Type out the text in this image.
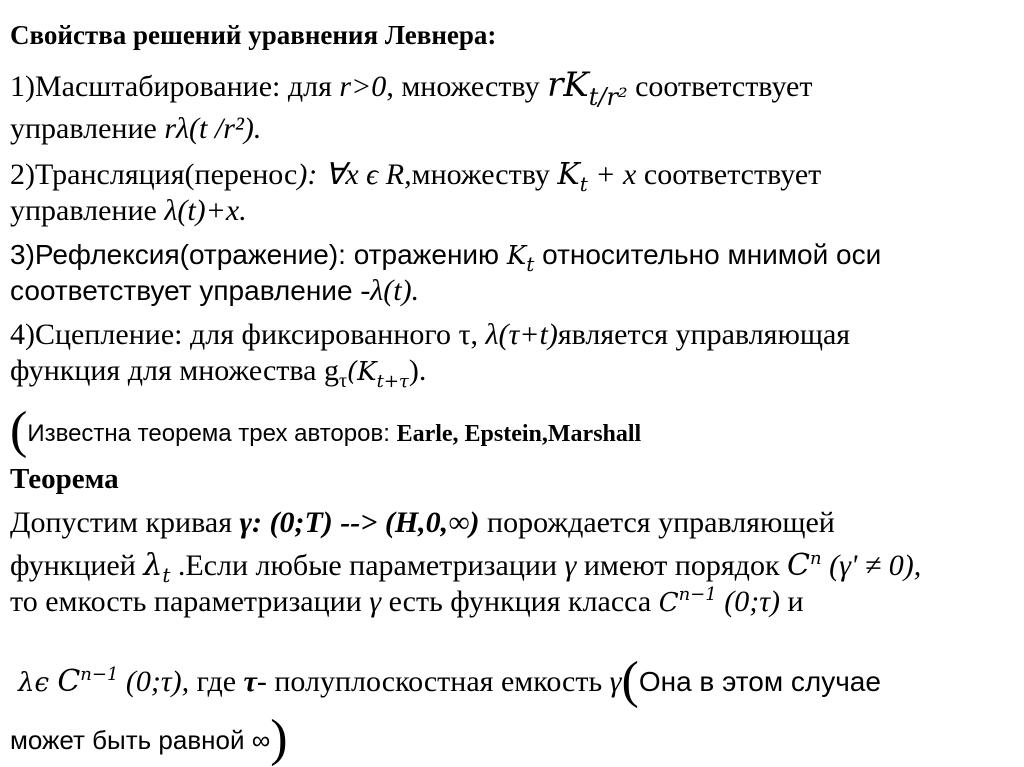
Свойства решений уравнения Левнера:
1)Масштабирование: для r>0, множеству $rK_{t/r^2}$ соответствует
управление rλ(t /r²).
2)Трансляция(перенос): ∀x ϵ R,множеству $K_t + x$ соответствует
управление λ(t)+x.
3)Рефлексия(отражение): отражению $K_t$ относительно мнимой оси
соответствует управление -λ(t).
4)Сцепление: для фиксированного τ, λ(τ+t)является управляющая
функция для множества $g_\tau(K_{t+\tau})$.
(Известна теорема трех авторов: Earle, Epstein,Marshall
Теорема
Допустим кривая γ: (0;T) --> (H,0,∞) порождается управляющей
функцией $\lambda_t$ .Если любые параметризации γ имеют порядок $C^n$ (γ' ≠ 0),
то емкость параметризации γ есть функция класса $C^{n-1}$ (0;τ) и
λϵ $C^{n-1}$ (0;τ), где τ- полуплоскостная емкость γ(Она в этом случае
может быть равной ∞)
